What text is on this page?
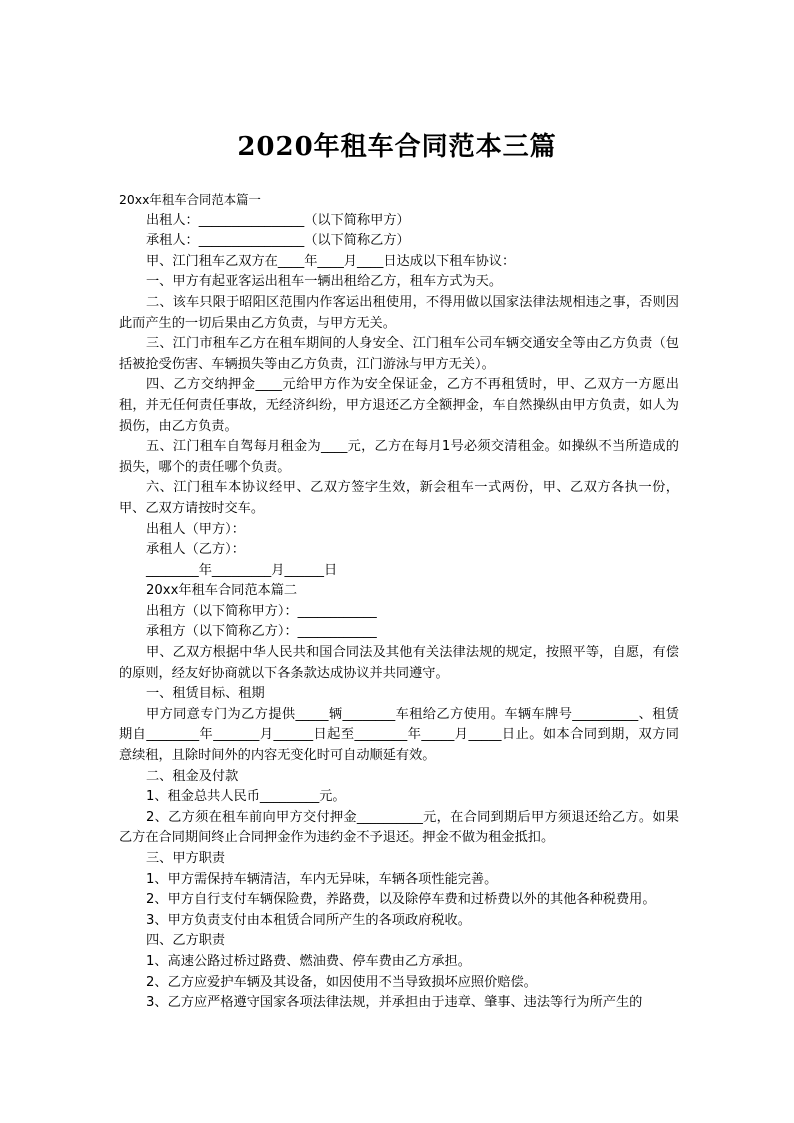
2020年租车合同范本三篇

20xx年租车合同范本篇一

出租人：________________（以下简称甲方）

承租人：________________（以下简称乙方）

甲、江门租车乙双方在____年____月____日达成以下租车协议：

一、甲方有起亚客运出租车一辆出租给乙方，租车方式为天。

二、该车只限于昭阳区范围内作客运出租使用，不得用做以国家法律法规相违之事，否则因此而产生的一切后果由乙方负责，与甲方无关。

三、江门市租车乙方在租车期间的人身安全、江门租车公司车辆交通安全等由乙方负责（包括被抢受伤害、车辆损失等由乙方负责，江门游泳与甲方无关）。

四、乙方交纳押金____元给甲方作为安全保证金，乙方不再租赁时，甲、乙双方一方愿出租，并无任何责任事故，无经济纠纷，甲方退还乙方全额押金，车自然操纵由甲方负责，如人为损伤，由乙方负责。

五、江门租车自驾每月租金为____元，乙方在每月1号必须交清租金。如操纵不当所造成的损失，哪个的责任哪个负责。

六、江门租车本协议经甲、乙双方签字生效，新会租车一式两份，甲、乙双方各执一份，甲、乙双方请按时交车。

出租人（甲方）：

承租人（乙方）：

________年_________月______日

20xx年租车合同范本篇二

出租方（以下简称甲方）：____________

承租方（以下简称乙方）：____________

甲、乙双方根据中华人民共和国合同法及其他有关法律法规的规定，按照平等，自愿，有偿的原则，经友好协商就以下各条款达成协议并共同遵守。

一、租赁目标、租期

甲方同意专门为乙方提供_____辆________车租给乙方使用。车辆车牌号__________、租赁期自________年_______月______日起至________年_____月_____日止。如本合同到期，双方同意续租，且除时间外的内容无变化时可自动顺延有效。

二、租金及付款

1、租金总共人民币_________元。

2、乙方须在租车前向甲方交付押金__________元，在合同到期后甲方须退还给乙方。如果乙方在合同期间终止合同押金作为违约金不予退还。押金不做为租金抵扣。

三、甲方职责

1、甲方需保持车辆清洁，车内无异味，车辆各项性能完善。

2、甲方自行支付车辆保险费，养路费，以及除停车费和过桥费以外的其他各种税费用。

3、甲方负责支付由本租赁合同所产生的各项政府税收。

四、乙方职责

1、高速公路过桥过路费、燃油费、停车费由乙方承担。

2、乙方应爱护车辆及其设备，如因使用不当导致损坏应照价赔偿。

3、乙方应严格遵守国家各项法律法规，并承担由于违章、肇事、违法等行为所产生的
